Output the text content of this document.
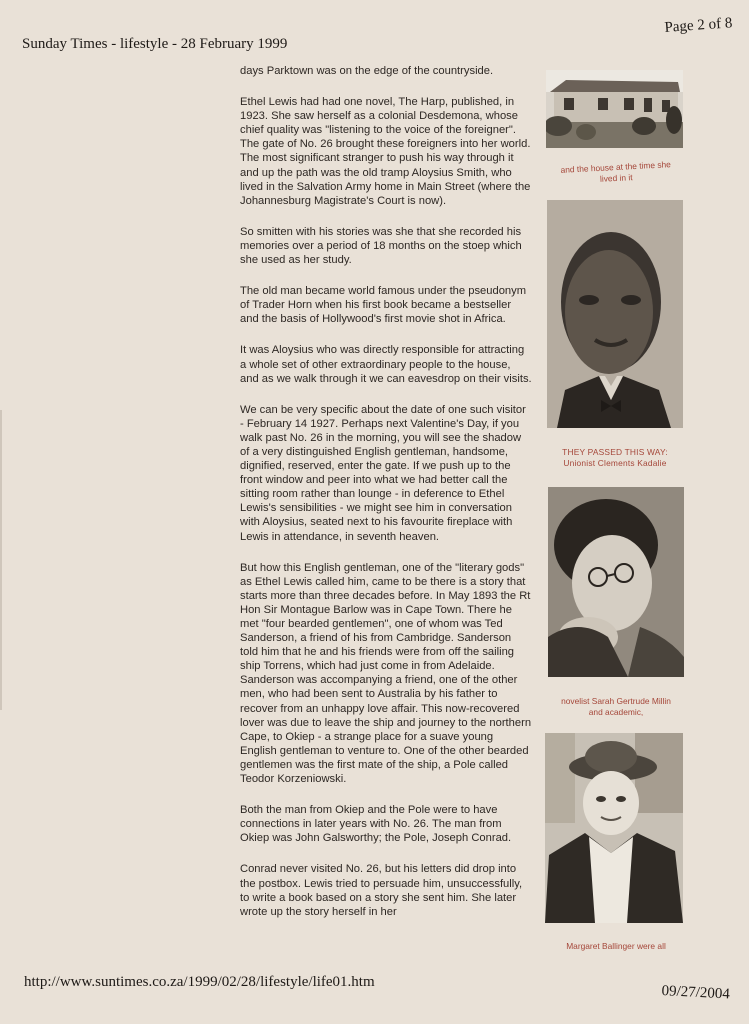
Sunday Times - lifestyle - 28 February 1999
Page 2 of 8

days Parktown was on the edge of the countryside.

Ethel Lewis had had one novel, The Harp, published, in 1923. She saw herself as a colonial Desdemona, whose chief quality was "listening to the voice of the foreigner". The gate of No. 26 brought these foreigners into her world. The most significant stranger to push his way through it and up the path was the old tramp Aloysius Smith, who lived in the Salvation Army home in Main Street (where the Johannesburg Magistrate's Court is now).

So smitten with his stories was she that she recorded his memories over a period of 18 months on the stoep which she used as her study.

The old man became world famous under the pseudonym of Trader Horn when his first book became a bestseller and the basis of Hollywood's first movie shot in Africa.

It was Aloysius who was directly responsible for attracting a whole set of other extraordinary people to the house, and as we walk through it we can eavesdrop on their visits.

We can be very specific about the date of one such visitor - February 14 1927. Perhaps next Valentine's Day, if you walk past No. 26 in the morning, you will see the shadow of a very distinguished English gentleman, handsome, dignified, reserved, enter the gate. If we push up to the front window and peer into what we had better call the sitting room rather than lounge - in deference to Ethel Lewis's sensibilities - we might see him in conversation with Aloysius, seated next to his favourite fireplace with Lewis in attendance, in seventh heaven.

But how this English gentleman, one of the "literary gods" as Ethel Lewis called him, came to be there is a story that starts more than three decades before. In May 1893 the Rt Hon Sir Montague Barlow was in Cape Town. There he met "four bearded gentlemen", one of whom was Ted Sanderson, a friend of his from Cambridge. Sanderson told him that he and his friends were from off the sailing ship Torrens, which had just come in from Adelaide. Sanderson was accompanying a friend, one of the other men, who had been sent to Australia by his father to recover from an unhappy love affair. This now-recovered lover was due to leave the ship and journey to the northern Cape, to Okiep - a strange place for a suave young English gentleman to venture to. One of the other bearded gentlemen was the first mate of the ship, a Pole called Teodor Korzeniowski.

Both the man from Okiep and the Pole were to have connections in later years with No. 26. The man from Okiep was John Galsworthy; the Pole, Joseph Conrad.

Conrad never visited No. 26, but his letters did drop into the postbox. Lewis tried to persuade him, unsuccessfully, to write a book based on a story she sent him. She later wrote up the story herself in her

and the house at the time she
lived in it
THEY PASSED THIS WAY:
Unionist Clements Kadalie
novelist Sarah Gertrude Millin
and academic,
Margaret Ballinger were all
http://www.suntimes.co.za/1999/02/28/lifestyle/life01.htm
09/27/2004
